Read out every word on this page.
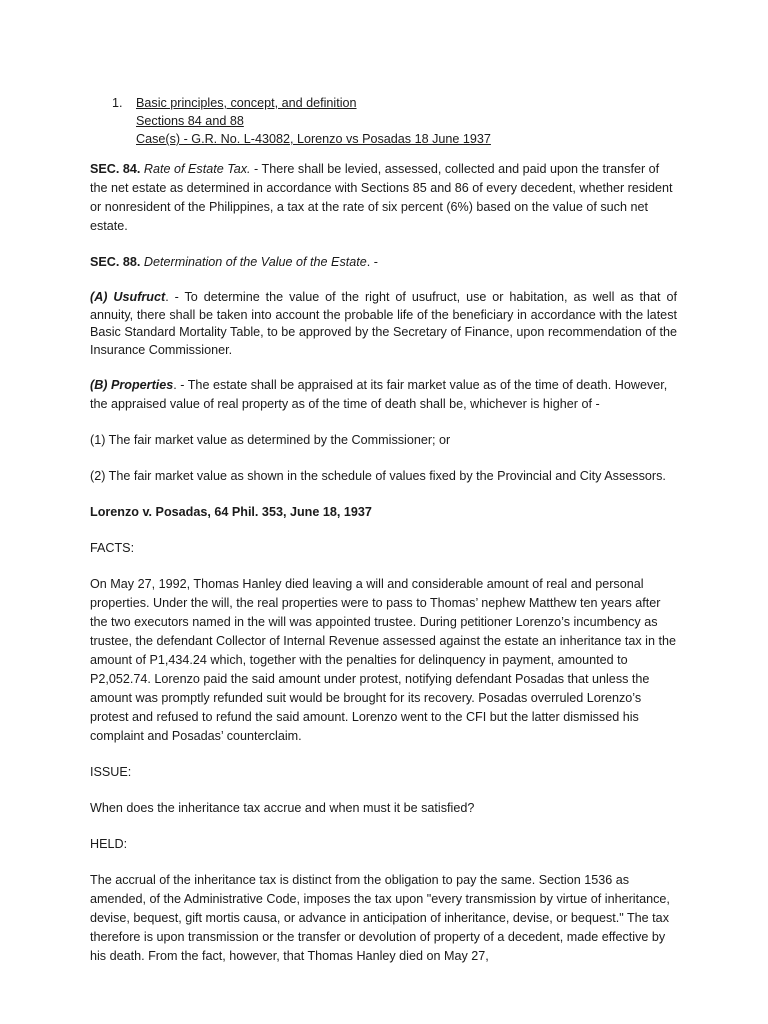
1.	Basic principles, concept, and definition
Sections 84 and 88
Case(s) - G.R. No. L-43082, Lorenzo vs Posadas 18 June 1937

SEC. 84. Rate of Estate Tax. - There shall be levied, assessed, collected and paid upon the transfer of the net estate as determined in accordance with Sections 85 and 86 of every decedent, whether resident or nonresident of the Philippines, a tax at the rate of six percent (6%) based on the value of such net estate.

SEC. 88. Determination of the Value of the Estate. -

(A) Usufruct. - To determine the value of the right of usufruct, use or habitation, as well as that of annuity, there shall be taken into account the probable life of the beneficiary in accordance with the latest Basic Standard Mortality Table, to be approved by the Secretary of Finance, upon recommendation of the Insurance Commissioner.

(B) Properties. - The estate shall be appraised at its fair market value as of the time of death. However, the appraised value of real property as of the time of death shall be, whichever is higher of -

(1) The fair market value as determined by the Commissioner; or

(2) The fair market value as shown in the schedule of values fixed by the Provincial and City Assessors.

Lorenzo v. Posadas, 64 Phil. 353, June 18, 1937

FACTS:

On May 27, 1992, Thomas Hanley died leaving a will and considerable amount of real and personal properties. Under the will, the real properties were to pass to Thomas’ nephew Matthew ten years after the two executors named in the will was appointed trustee. During petitioner Lorenzo’s incumbency as trustee, the defendant Collector of Internal Revenue assessed against the estate an inheritance tax in the amount of P1,434.24 which, together with the penalties for delinquency in payment, amounted to P2,052.74. Lorenzo paid the said amount under protest, notifying defendant Posadas that unless the amount was promptly refunded suit would be brought for its recovery. Posadas overruled Lorenzo’s protest and refused to refund the said amount. Lorenzo went to the CFI but the latter dismissed his complaint and Posadas’ counterclaim.

ISSUE:

When does the inheritance tax accrue and when must it be satisfied?

HELD:

The accrual of the inheritance tax is distinct from the obligation to pay the same. Section 1536 as amended, of the Administrative Code, imposes the tax upon "every transmission by virtue of inheritance, devise, bequest, gift mortis causa, or advance in anticipation of inheritance, devise, or bequest." The tax therefore is upon transmission or the transfer or devolution of property of a decedent, made effective by his death. From the fact, however, that Thomas Hanley died on May 27,
